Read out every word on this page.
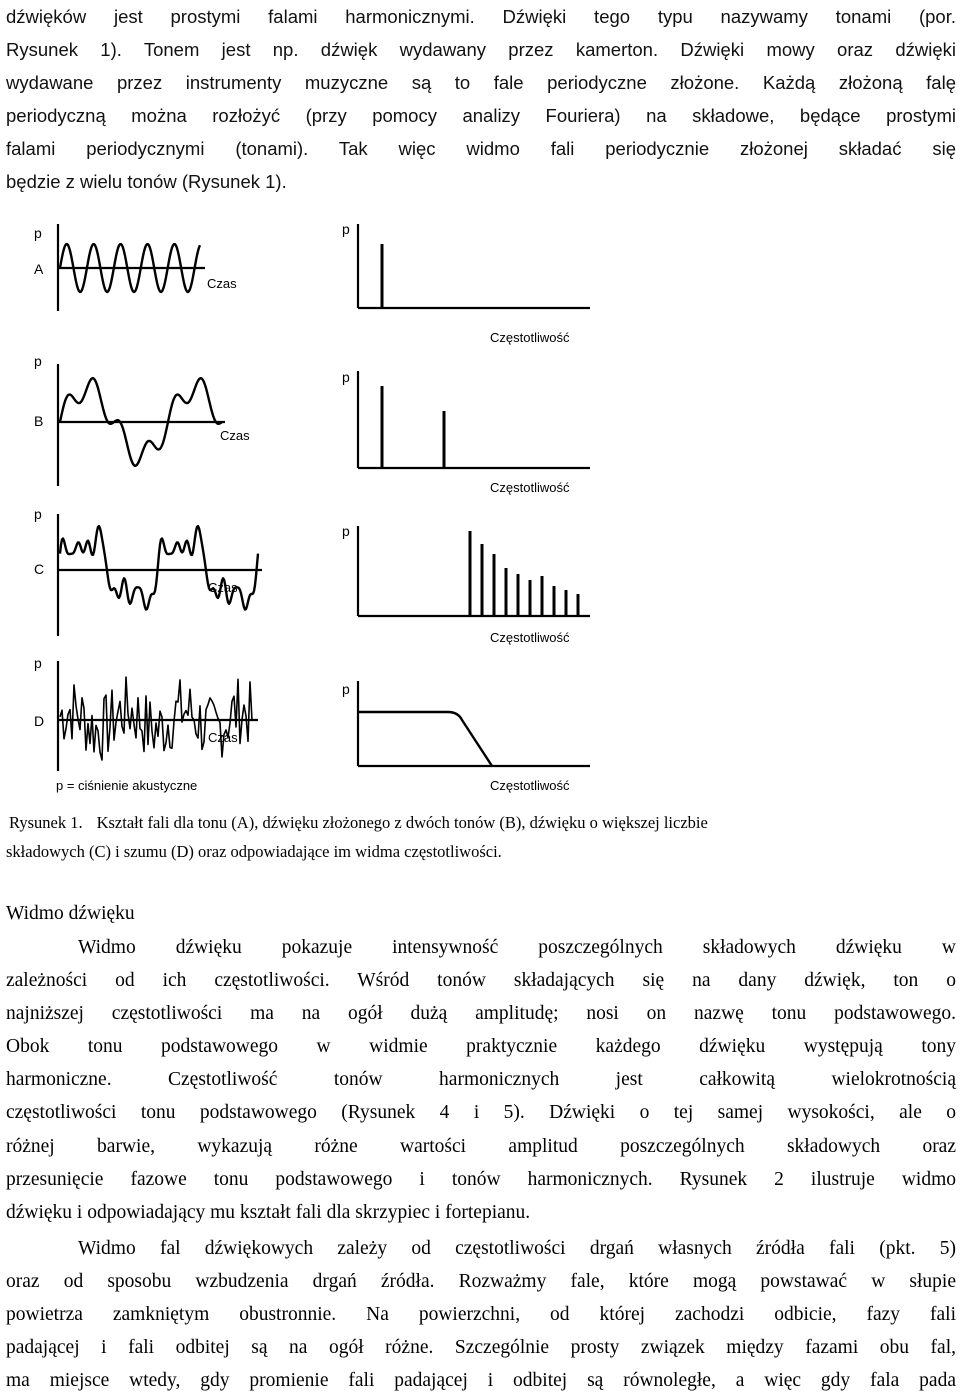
dźwięków jest prostymi falami harmonicznymi. Dźwięki tego typu nazywamy tonami (por.
Rysunek 1). Tonem jest np. dźwięk wydawany przez kamerton. Dźwięki mowy oraz dźwięki
wydawane przez instrumenty muzyczne są to fale periodyczne złożone. Każdą złożoną falę
periodyczną można rozłożyć (przy pomocy analizy Fouriera) na składowe, będące prostymi
falami periodycznymi (tonami). Tak więc widmo fali periodycznie złożonej składać się
będzie z wielu tonów (Rysunek 1).
p
A
Czas
p
Częstotliwość
p
B
Czas
p
Częstotliwość
p
C
Czas
p
Częstotliwość
p
D
Czas
p = ciśnienie akustyczne
p
Częstotliwość
Rysunek 1. Kształt fali dla tonu (A), dźwięku złożonego z dwóch tonów (B), dźwięku o większej liczbie
składowych (C) i szumu (D) oraz odpowiadające im widma częstotliwości.
Widmo dźwięku
Widmo dźwięku pokazuje intensywność poszczególnych składowych dźwięku w
zależności od ich częstotliwości. Wśród tonów składających się na dany dźwięk, ton o
najniższej częstotliwości ma na ogół dużą amplitudę; nosi on nazwę tonu podstawowego.
Obok tonu podstawowego w widmie praktycznie każdego dźwięku występują tony
harmoniczne. Częstotliwość tonów harmonicznych jest całkowitą wielokrotnością
częstotliwości tonu podstawowego (Rysunek 4 i 5). Dźwięki o tej samej wysokości, ale o
różnej barwie, wykazują różne wartości amplitud poszczególnych składowych oraz
przesunięcie fazowe tonu podstawowego i tonów harmonicznych. Rysunek 2 ilustruje widmo
dźwięku i odpowiadający mu kształt fali dla skrzypiec i fortepianu.
Widmo fal dźwiękowych zależy od częstotliwości drgań własnych źródła fali (pkt. 5)
oraz od sposobu wzbudzenia drgań źródła. Rozważmy fale, które mogą powstawać w słupie
powietrza zamkniętym obustronnie. Na powierzchni, od której zachodzi odbicie, fazy fali
padającej i fali odbitej są na ogół różne. Szczególnie prosty związek między fazami obu fal,
ma miejsce wtedy, gdy promienie fali padającej i odbitej są równoległe, a więc gdy fala pada
